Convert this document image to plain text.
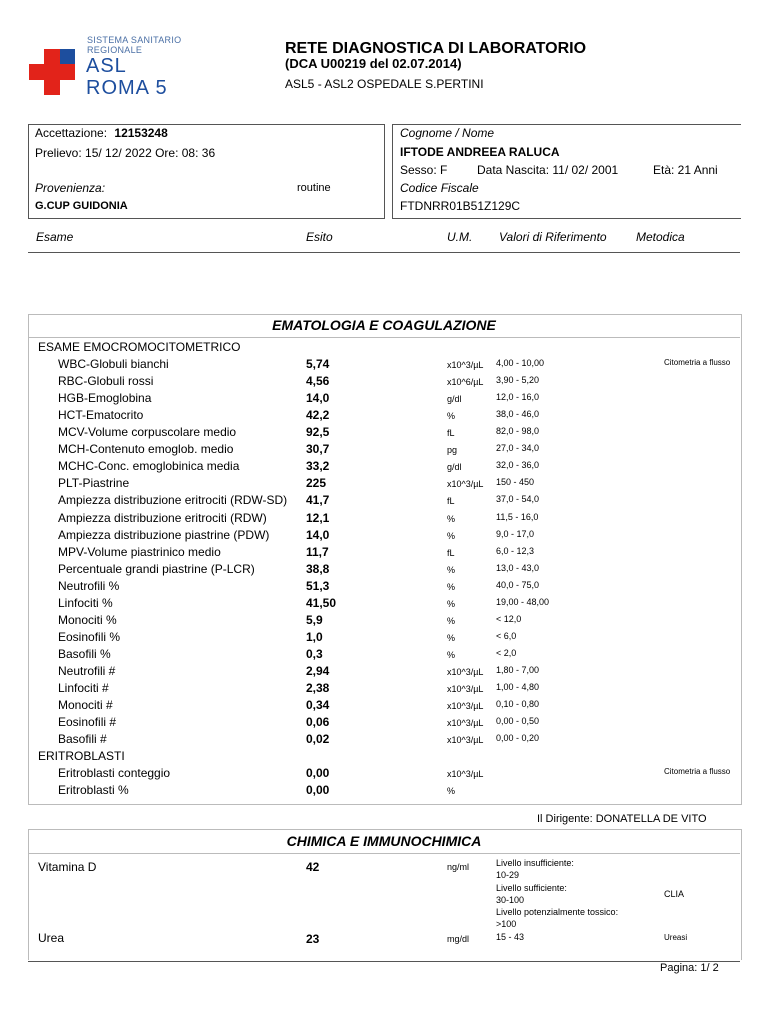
SISTEMA SANITARIO
REGIONALE
ASL
ROMA 5
RETE DIAGNOSTICA DI LABORATORIO
(DCA U00219 del 02.07.2014)
ASL5 - ASL2 OSPEDALE S.PERTINI
Accettazione: 12153248
Prelievo: 15/ 12/ 2022 Ore: 08: 36
Provenienza:	routine
G.CUP GUIDONIA
Cognome / Nome
IFTODE ANDREEA RALUCA
Sesso: F Data Nascita: 11/ 02/ 2001	Età: 21 Anni
Codice Fiscale
FTDNRR01B51Z129C
Esame	Esito	U.M. Valori di Riferimento Metodica
EMATOLOGIA E COAGULAZIONE
ESAME EMOCROMOCITOMETRICO
WBC-Globuli bianchi	5,74	x10^3/µL 4,00 - 10,00	Citometria a flusso
RBC-Globuli rossi	4,56	x10^6/µL 3,90 - 5,20
HGB-Emoglobina	14,0	g/dl	12,0 - 16,0
HCT-Ematocrito	42,2	%	38,0 - 46,0
MCV-Volume corpuscolare medio	92,5	fL	82,0 - 98,0
MCH-Contenuto emoglob. medio	30,7	pg	27,0 - 34,0
MCHC-Conc. emoglobinica media	33,2	g/dl	32,0 - 36,0
PLT-Piastrine	225	x10^3/µL 150 - 450
Ampiezza distribuzione eritrociti (RDW-SD) 41,7	fL	37,0 - 54,0
Ampiezza distribuzione eritrociti (RDW)	12,1	%	11,5 - 16,0
Ampiezza distribuzione piastrine (PDW)	14,0	%	9,0 - 17,0
MPV-Volume piastrinico medio	11,7	fL	6,0 - 12,3
Percentuale grandi piastrine (P-LCR)	38,8	%	13,0 - 43,0
Neutrofili %	51,3	%	40,0 - 75,0
Linfociti %	41,50	%	19,00 - 48,00
Monociti %	5,9	%	< 12,0
Eosinofili %	1,0	%	< 6,0
Basofili %	0,3	%	< 2,0
Neutrofili #	2,94	x10^3/µL 1,80 - 7,00
Linfociti #	2,38	x10^3/µL 1,00 - 4,80
Monociti #	0,34	x10^3/µL 0,10 - 0,80
Eosinofili #	0,06	x10^3/µL 0,00 - 0,50
Basofili #	0,02	x10^3/µL 0,00 - 0,20
ERITROBLASTI
Eritroblasti conteggio	0,00	x10^3/µL	Citometria a flusso
Eritroblasti %	0,00	%
Il Dirigente: DONATELLA DE VITO
CHIMICA E IMMUNOCHIMICA
Vitamina D	42	ng/ml	Livello insufficiente:
10-29
Livello sufficiente:
30-100
Livello potenzialmente tossico:
>100
CLIA
Urea	23	mg/dl	15 - 43	Ureasi
Pagina: 1/ 2
